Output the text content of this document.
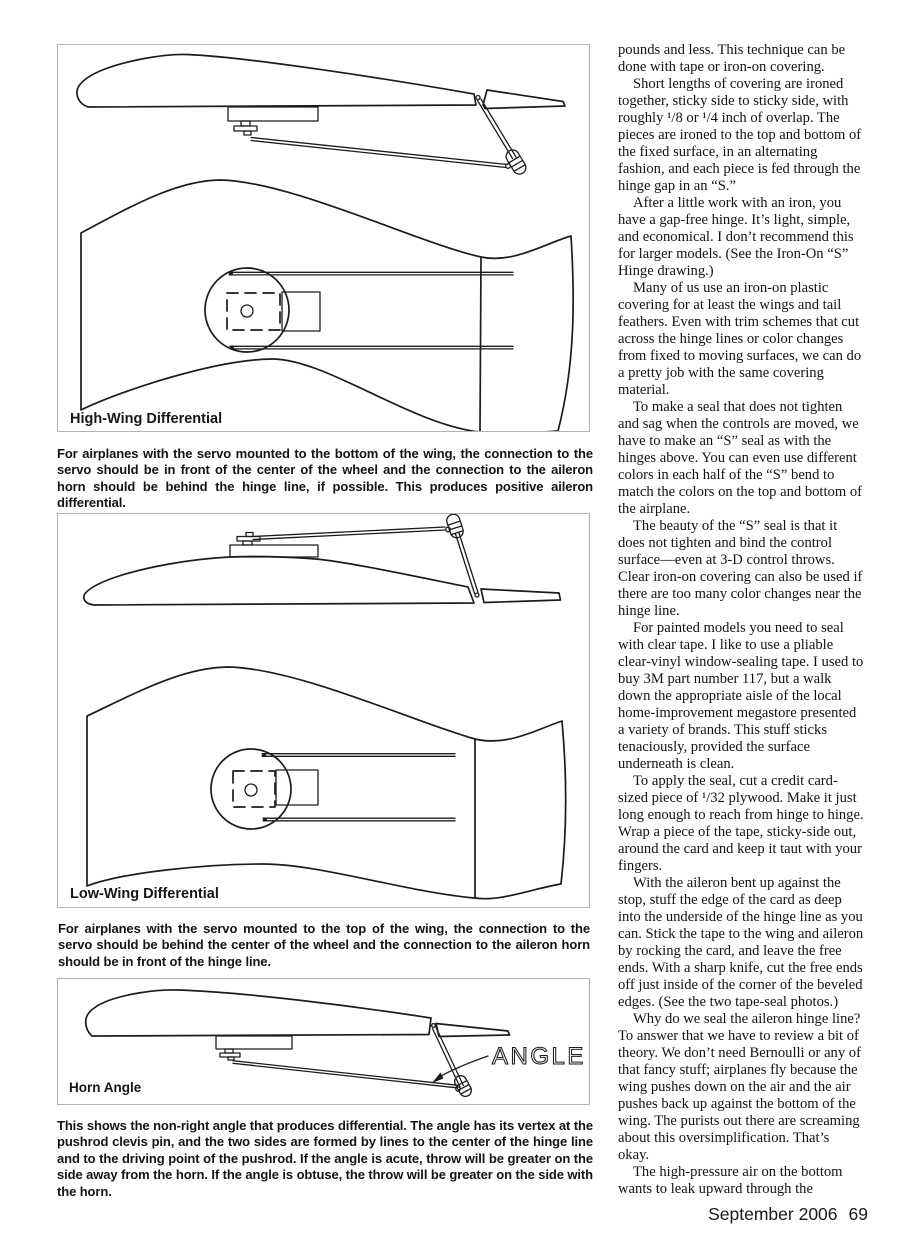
High-Wing Differential

For airplanes with the servo mounted to the bottom of the wing, the connection to the servo should be in front of the center of the wheel and the connection to the aileron horn should be behind the hinge line, if possible. This produces positive aileron differential.

Low-Wing Differential

For airplanes with the servo mounted to the top of the wing, the connection to the servo should be behind the center of the wheel and the connection to the aileron horn should be in front of the hinge line.

ANGLE
Horn Angle

This shows the non-right angle that produces differential. The angle has its vertex at the pushrod clevis pin, and the two sides are formed by lines to the center of the hinge line and to the driving point of the pushrod. If the angle is acute, throw will be greater on the side away from the horn. If the angle is obtuse, the throw will be greater on the side with the horn.

pounds and less. This technique can be done with tape or iron-on covering.

Short lengths of covering are ironed together, sticky side to sticky side, with roughly ¹/8 or ¹/4 inch of overlap. The pieces are ironed to the top and bottom of the fixed surface, in an alternating fashion, and each piece is fed through the hinge gap in an “S.”

After a little work with an iron, you have a gap-free hinge. It’s light, simple, and economical. I don’t recommend this for larger models. (See the Iron-On “S” Hinge drawing.)

Many of us use an iron-on plastic covering for at least the wings and tail feathers. Even with trim schemes that cut across the hinge lines or color changes from fixed to moving surfaces, we can do a pretty job with the same covering material.

To make a seal that does not tighten and sag when the controls are moved, we have to make an “S” seal as with the hinges above. You can even use different colors in each half of the “S” bend to match the colors on the top and bottom of the airplane.

The beauty of the “S” seal is that it does not tighten and bind the control surface—even at 3-D control throws. Clear iron-on covering can also be used if there are too many color changes near the hinge line.

For painted models you need to seal with clear tape. I like to use a pliable clear-vinyl window-sealing tape. I used to buy 3M part number 117, but a walk down the appropriate aisle of the local home-improvement megastore presented a variety of brands. This stuff sticks tenaciously, provided the surface underneath is clean.

To apply the seal, cut a credit card-sized piece of ¹/32 plywood. Make it just long enough to reach from hinge to hinge. Wrap a piece of the tape, sticky-side out, around the card and keep it taut with your fingers.

With the aileron bent up against the stop, stuff the edge of the card as deep into the underside of the hinge line as you can. Stick the tape to the wing and aileron by rocking the card, and leave the free ends. With a sharp knife, cut the free ends off just inside of the corner of the beveled edges. (See the two tape-seal photos.)

Why do we seal the aileron hinge line? To answer that we have to review a bit of theory. We don’t need Bernoulli or any of that fancy stuff; airplanes fly because the wing pushes down on the air and the air pushes back up against the bottom of the wing. The purists out there are screaming about this oversimplification. That’s okay.

The high-pressure air on the bottom wants to leak upward through the

September 2006 69
